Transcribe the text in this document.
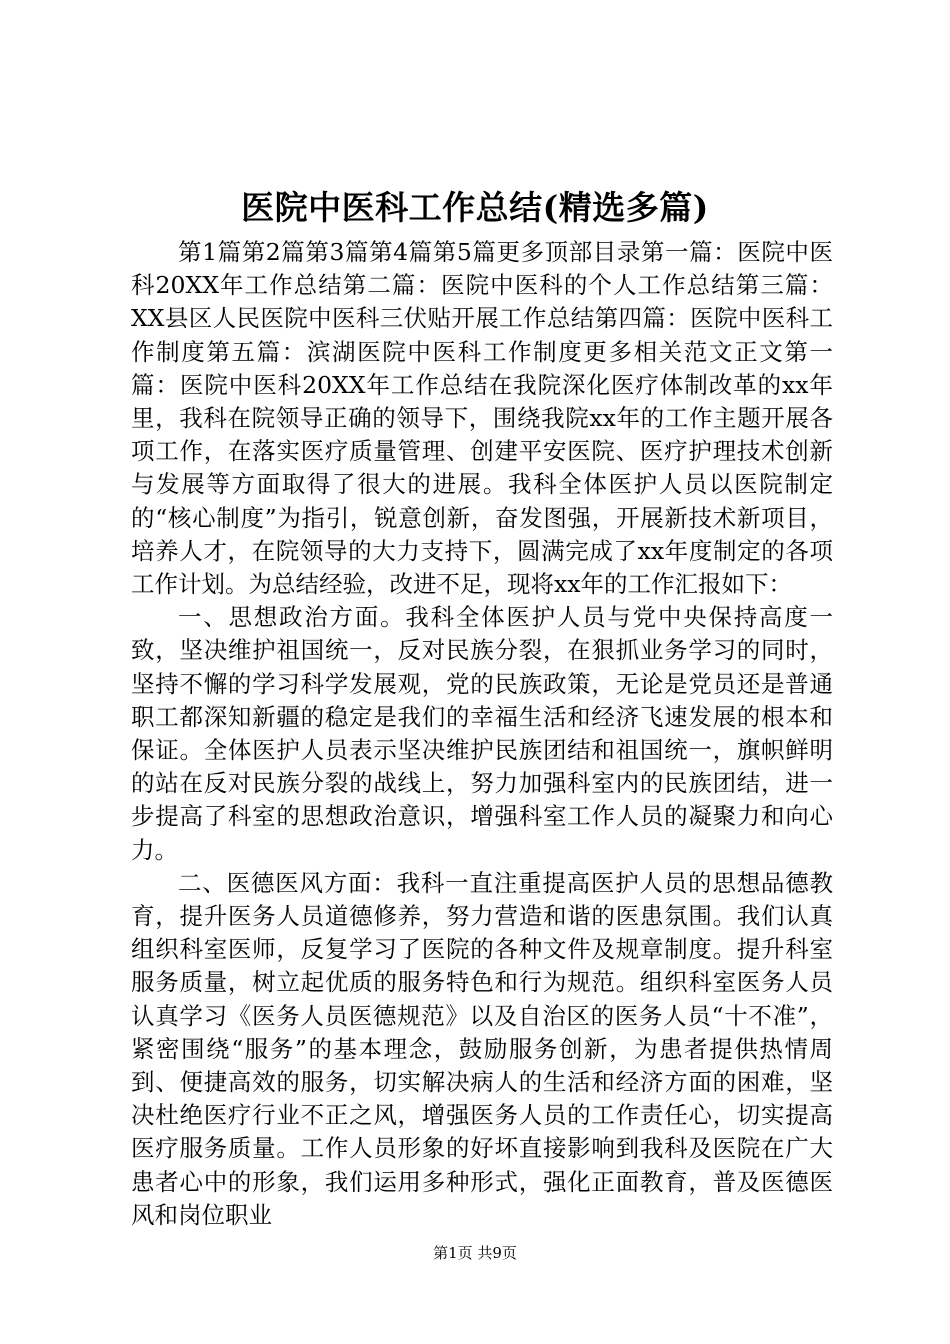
医院中医科工作总结(精选多篇)

第1篇第2篇第3篇第4篇第5篇更多顶部目录第一篇：医院中医科20XX年工作总结第二篇：医院中医科的个人工作总结第三篇：XX县区人民医院中医科三伏贴开展工作总结第四篇：医院中医科工作制度第五篇：滨湖医院中医科工作制度更多相关范文正文第一篇：医院中医科20XX年工作总结在我院深化医疗体制改革的xx年里，我科在院领导正确的领导下，围绕我院xx年的工作主题开展各项工作，在落实医疗质量管理、创建平安医院、医疗护理技术创新与发展等方面取得了很大的进展。我科全体医护人员以医院制定的“核心制度”为指引，锐意创新，奋发图强，开展新技术新项目，培养人才，在院领导的大力支持下，圆满完成了xx年度制定的各项工作计划。为总结经验，改进不足，现将xx年的工作汇报如下：

一、思想政治方面。我科全体医护人员与党中央保持高度一致，坚决维护祖国统一，反对民族分裂，在狠抓业务学习的同时，坚持不懈的学习科学发展观，党的民族政策，无论是党员还是普通职工都深知新疆的稳定是我们的幸福生活和经济飞速发展的根本和保证。全体医护人员表示坚决维护民族团结和祖国统一，旗帜鲜明的站在反对民族分裂的战线上，努力加强科室内的民族团结，进一步提高了科室的思想政治意识，增强科室工作人员的凝聚力和向心力。

二、医德医风方面：我科一直注重提高医护人员的思想品德教育，提升医务人员道德修养，努力营造和谐的医患氛围。我们认真组织科室医师，反复学习了医院的各种文件及规章制度。提升科室服务质量，树立起优质的服务特色和行为规范。组织科室医务人员认真学习《医务人员医德规范》以及自治区的医务人员“十不准”，紧密围绕“服务”的基本理念，鼓励服务创新，为患者提供热情周到、便捷高效的服务，切实解决病人的生活和经济方面的困难，坚决杜绝医疗行业不正之风，增强医务人员的工作责任心，切实提高医疗服务质量。工作人员形象的好坏直接影响到我科及医院在广大患者心中的形象，我们运用多种形式，强化正面教育，普及医德医风和岗位职业

第1页 共9页
